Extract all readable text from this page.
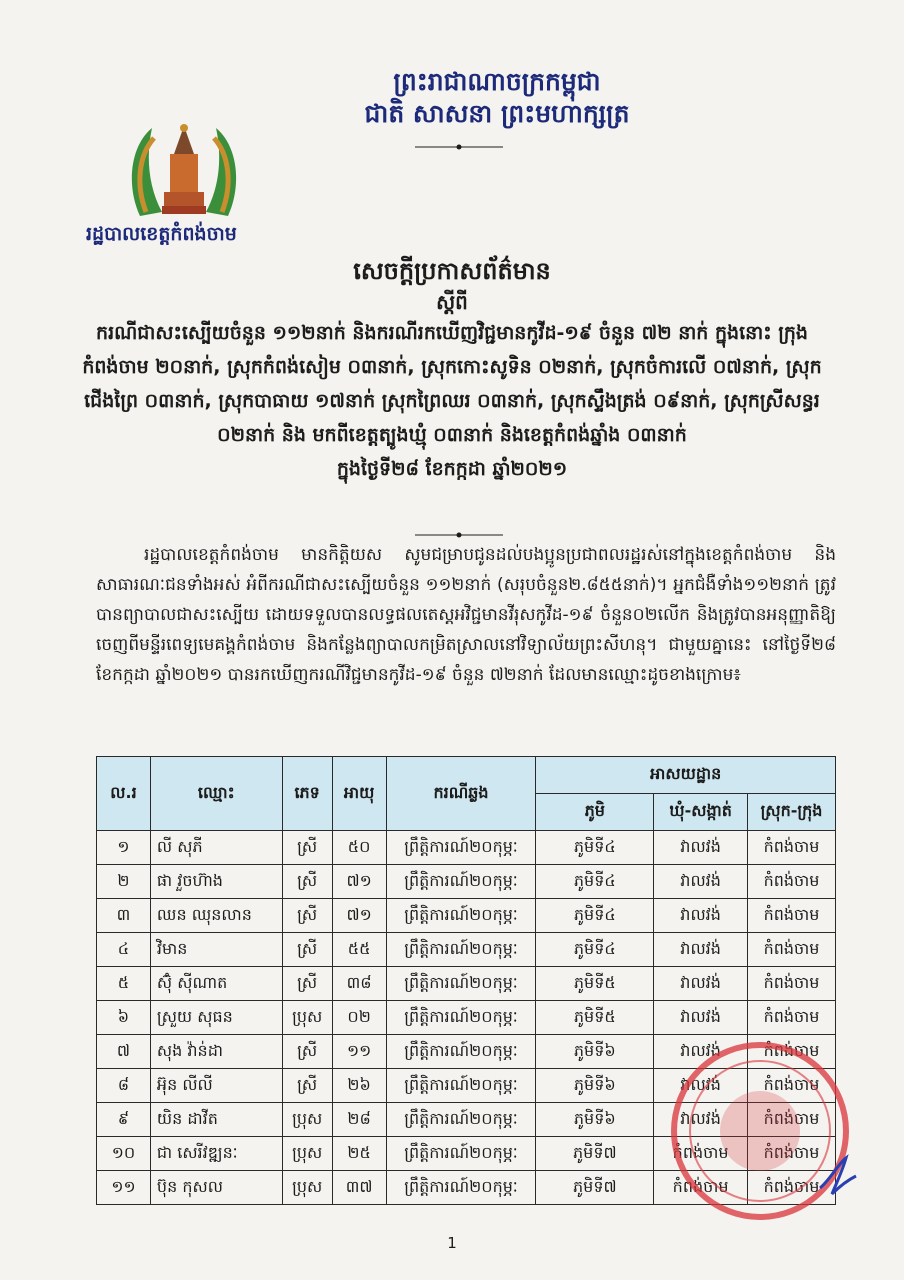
ព្រះរាជាណាចក្រកម្ពុជា
ជាតិ សាសនា ព្រះមហាក្សត្រ
រដ្ឋបាលខេត្តកំពង់ចាម
សេចក្តីប្រកាសព័ត៌មាន
ស្តីពី
ករណីជាសះស្បើយចំនួន ១១២នាក់ និងករណីរកឃើញវិជ្ជមានកូវីដ-១៩ ចំនួន ៧២ នាក់ ក្នុងនោះ ក្រុងកំពង់ចាម ២០នាក់, ស្រុកកំពង់សៀម ០៣នាក់, ស្រុកកោះសូទិន ០២នាក់, ស្រុកចំការលើ ០៧នាក់, ស្រុកជើងព្រៃ ០៣នាក់, ស្រុកបាធាយ ១៧នាក់ ស្រុកព្រៃឈរ ០៣នាក់, ស្រុកស្ទឹងត្រង់ ០៩នាក់, ស្រុកស្រីសន្ធរ ០២នាក់ និង មកពីខេត្តត្បូងឃ្មុំ ០៣នាក់ និងខេត្តកំពង់ឆ្នាំង ០៣នាក់
ក្នុងថ្ងៃទី២៨ ខែកក្កដា ឆ្នាំ២០២១
រដ្ឋបាលខេត្តកំពង់ចាម មានកិត្តិយស សូមជម្រាបជូនដល់បងប្អូនប្រជាពលរដ្ឋរស់នៅក្នុងខេត្តកំពង់ចាម និងសាធារណៈជនទាំងអស់ អំពីករណីជាសះស្បើយចំនួន ១១២នាក់ (សរុបចំនួន២.៨៥៥នាក់)។ អ្នកជំងឺទាំង១១២នាក់ ត្រូវបានព្យាបាលជាសះស្បើយ ដោយទទួលបានលទ្ធផលតេស្តអវិជ្ជមានវីរុសកូវីដ-១៩ ចំនួន០២លើក និងត្រូវបានអនុញ្ញាតិឱ្យចេញពីមន្ទីរពេទ្យមេគង្គកំពង់ចាម និងកន្លែងព្យាបាលកម្រិតស្រាលនៅវិទ្យាល័យព្រះសីហនុ។ ជាមួយគ្នានេះ នៅថ្ងៃទី២៨ ខែកក្កដា ឆ្នាំ២០២១ បានរកឃើញករណីវិជ្ជមានកូវីដ-១៩ ចំនួន ៧២នាក់ ដែលមានឈ្មោះដូចខាងក្រោម៖
ល.រ	ឈ្មោះ	ភេទ	អាយុ	ករណីឆ្លង	អាសយដ្ឋាន		
					ភូមិ	ឃុំ-សង្កាត់	ស្រុក-ក្រុង
១	លី សុភី	ស្រី	៥០	ព្រឹត្តិការណ៍២០កុម្ភៈ	ភូមិទី៤	វាលវង់	កំពង់ចាម
២	ផា វួចហ៊ាង	ស្រី	៧១	ព្រឹត្តិការណ៍២០កុម្ភៈ	ភូមិទី៤	វាលវង់	កំពង់ចាម
៣	ឈន ឈុនលាន	ស្រី	៧១	ព្រឹត្តិការណ៍២០កុម្ភៈ	ភូមិទី៤	វាលវង់	កំពង់ចាម
៤	វិមាន	ស្រី	៥៥	ព្រឹត្តិការណ៍២០កុម្ភៈ	ភូមិទី៤	វាលវង់	កំពង់ចាម
៥	ស៊ុំ ស៊ីណាត	ស្រី	៣៨	ព្រឹត្តិការណ៍២០កុម្ភៈ	ភូមិទី៥	វាលវង់	កំពង់ចាម
៦	ស្រួយ សុធន	ប្រុស	០២	ព្រឹត្តិការណ៍២០កុម្ភៈ	ភូមិទី៥	វាលវង់	កំពង់ចាម
៧	សុង វ៉ាន់ដា	ស្រី	១១	ព្រឹត្តិការណ៍២០កុម្ភៈ	ភូមិទី៦	វាលវង់	កំពង់ចាម
៨	អ៊ុន លីលី	ស្រី	២៦	ព្រឹត្តិការណ៍២០កុម្ភៈ	ភូមិទី៦	វាលវង់	កំពង់ចាម
៩	យិន ដាវីត	ប្រុស	២៨	ព្រឹត្តិការណ៍២០កុម្ភៈ	ភូមិទី៦	វាលវង់	កំពង់ចាម
១០	ជា សេរីវឌ្ឍនៈ	ប្រុស	២៥	ព្រឹត្តិការណ៍២០កុម្ភៈ	ភូមិទី៧	កំពង់ចាម	កំពង់ចាម
១១	ប៊ុន កុសល	ប្រុស	៣៧	ព្រឹត្តិការណ៍២០កុម្ភៈ	ភូមិទី៧	កំពង់ចាម	កំពង់ចាម
1
